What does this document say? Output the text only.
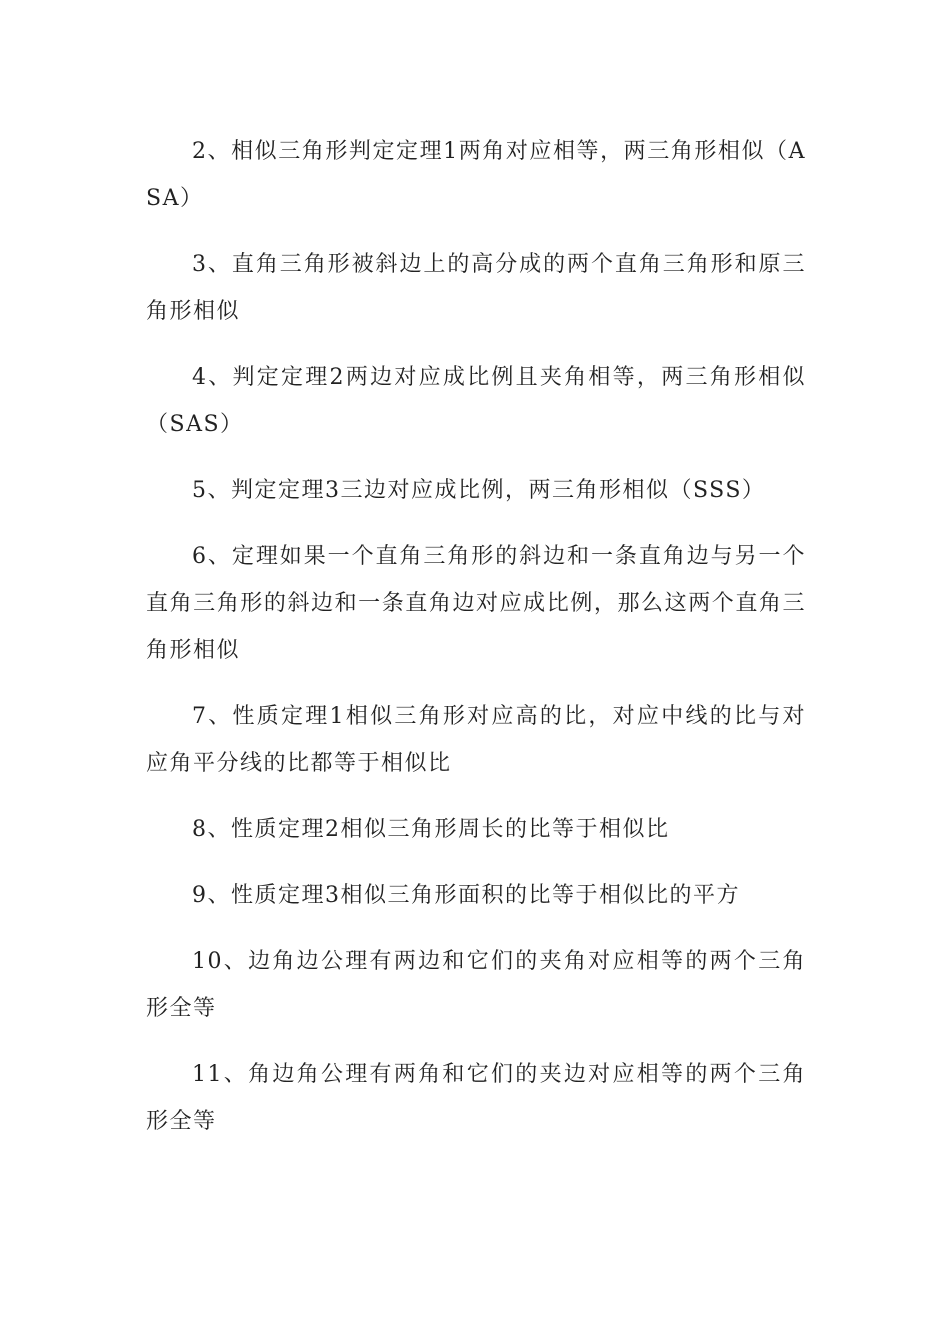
2、相似三角形判定定理1两角对应相等，两三角形相似（ASA）

3、直角三角形被斜边上的高分成的两个直角三角形和原三角形相似

4、判定定理2两边对应成比例且夹角相等，两三角形相似（SAS）

5、判定定理3三边对应成比例，两三角形相似（SSS）

6、定理如果一个直角三角形的斜边和一条直角边与另一个直角三角形的斜边和一条直角边对应成比例，那么这两个直角三角形相似

7、性质定理1相似三角形对应高的比，对应中线的比与对应角平分线的比都等于相似比

8、性质定理2相似三角形周长的比等于相似比

9、性质定理3相似三角形面积的比等于相似比的平方

10、边角边公理有两边和它们的夹角对应相等的两个三角形全等

11、角边角公理有两角和它们的夹边对应相等的两个三角形全等
